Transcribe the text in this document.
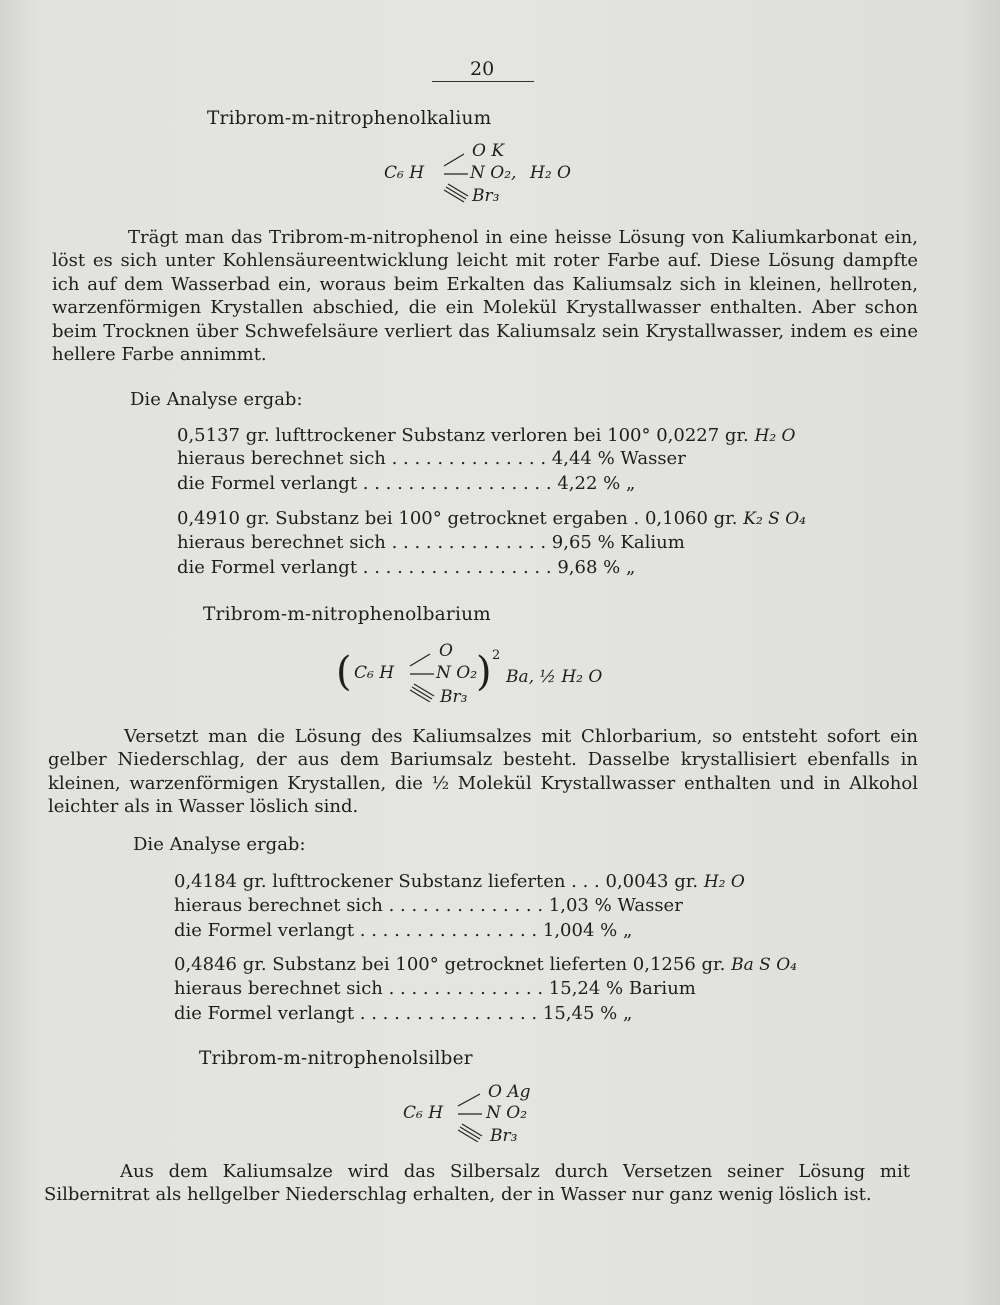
20
Tribrom-m-nitrophenolkalium
C₆ H
O K
N O₂, H₂ O
Br₃
Trägt man das Tribrom-m-nitrophenol in eine heisse Lösung von Kaliumkarbonat ein, löst es sich unter Kohlensäureentwicklung leicht mit roter Farbe auf. Diese Lösung dampfte ich auf dem Wasserbad ein, woraus beim Erkalten das Kaliumsalz sich in kleinen, hellroten, warzenförmigen Krystallen abschied, die ein Molekül Krystallwasser enthalten. Aber schon beim Trocknen über Schwefelsäure verliert das Kaliumsalz sein Krystallwasser, indem es eine hellere Farbe annimmt.
Die Analyse ergab:
0,5137 gr. lufttrockener Substanz verloren bei 100° 0,0227 gr. H₂ O
hieraus berechnet sich . . . . . . . . . . . . . . 4,44 % Wasser
die Formel verlangt . . . . . . . . . . . . . . . . . 4,22 % „
0,4910 gr. Substanz bei 100° getrocknet ergaben . 0,1060 gr. K₂ S O₄
hieraus berechnet sich . . . . . . . . . . . . . . 9,65 % Kalium
die Formel verlangt . . . . . . . . . . . . . . . . . 9,68 % „
Tribrom-m-nitrophenolbarium
( C₆ H
O
N O₂
Br₃
) 2
Ba, ½ H₂ O
Versetzt man die Lösung des Kaliumsalzes mit Chlorbarium, so entsteht sofort ein gelber Niederschlag, der aus dem Bariumsalz besteht. Dasselbe krystallisiert ebenfalls in kleinen, warzenförmigen Krystallen, die ½ Molekül Krystallwasser enthalten und in Alkohol leichter als in Wasser löslich sind.
Die Analyse ergab:
0,4184 gr. lufttrockener Substanz lieferten . . . 0,0043 gr. H₂ O
hieraus berechnet sich . . . . . . . . . . . . . . 1,03 % Wasser
die Formel verlangt . . . . . . . . . . . . . . . . 1,004 % „
0,4846 gr. Substanz bei 100° getrocknet lieferten 0,1256 gr. Ba S O₄
hieraus berechnet sich . . . . . . . . . . . . . . 15,24 % Barium
die Formel verlangt . . . . . . . . . . . . . . . . 15,45 % „
Tribrom-m-nitrophenolsilber
C₆ H
O Ag
N O₂
Br₃
Aus dem Kaliumsalze wird das Silbersalz durch Versetzen seiner Lösung mit Silbernitrat als hellgelber Niederschlag erhalten, der in Wasser nur ganz wenig löslich ist.
